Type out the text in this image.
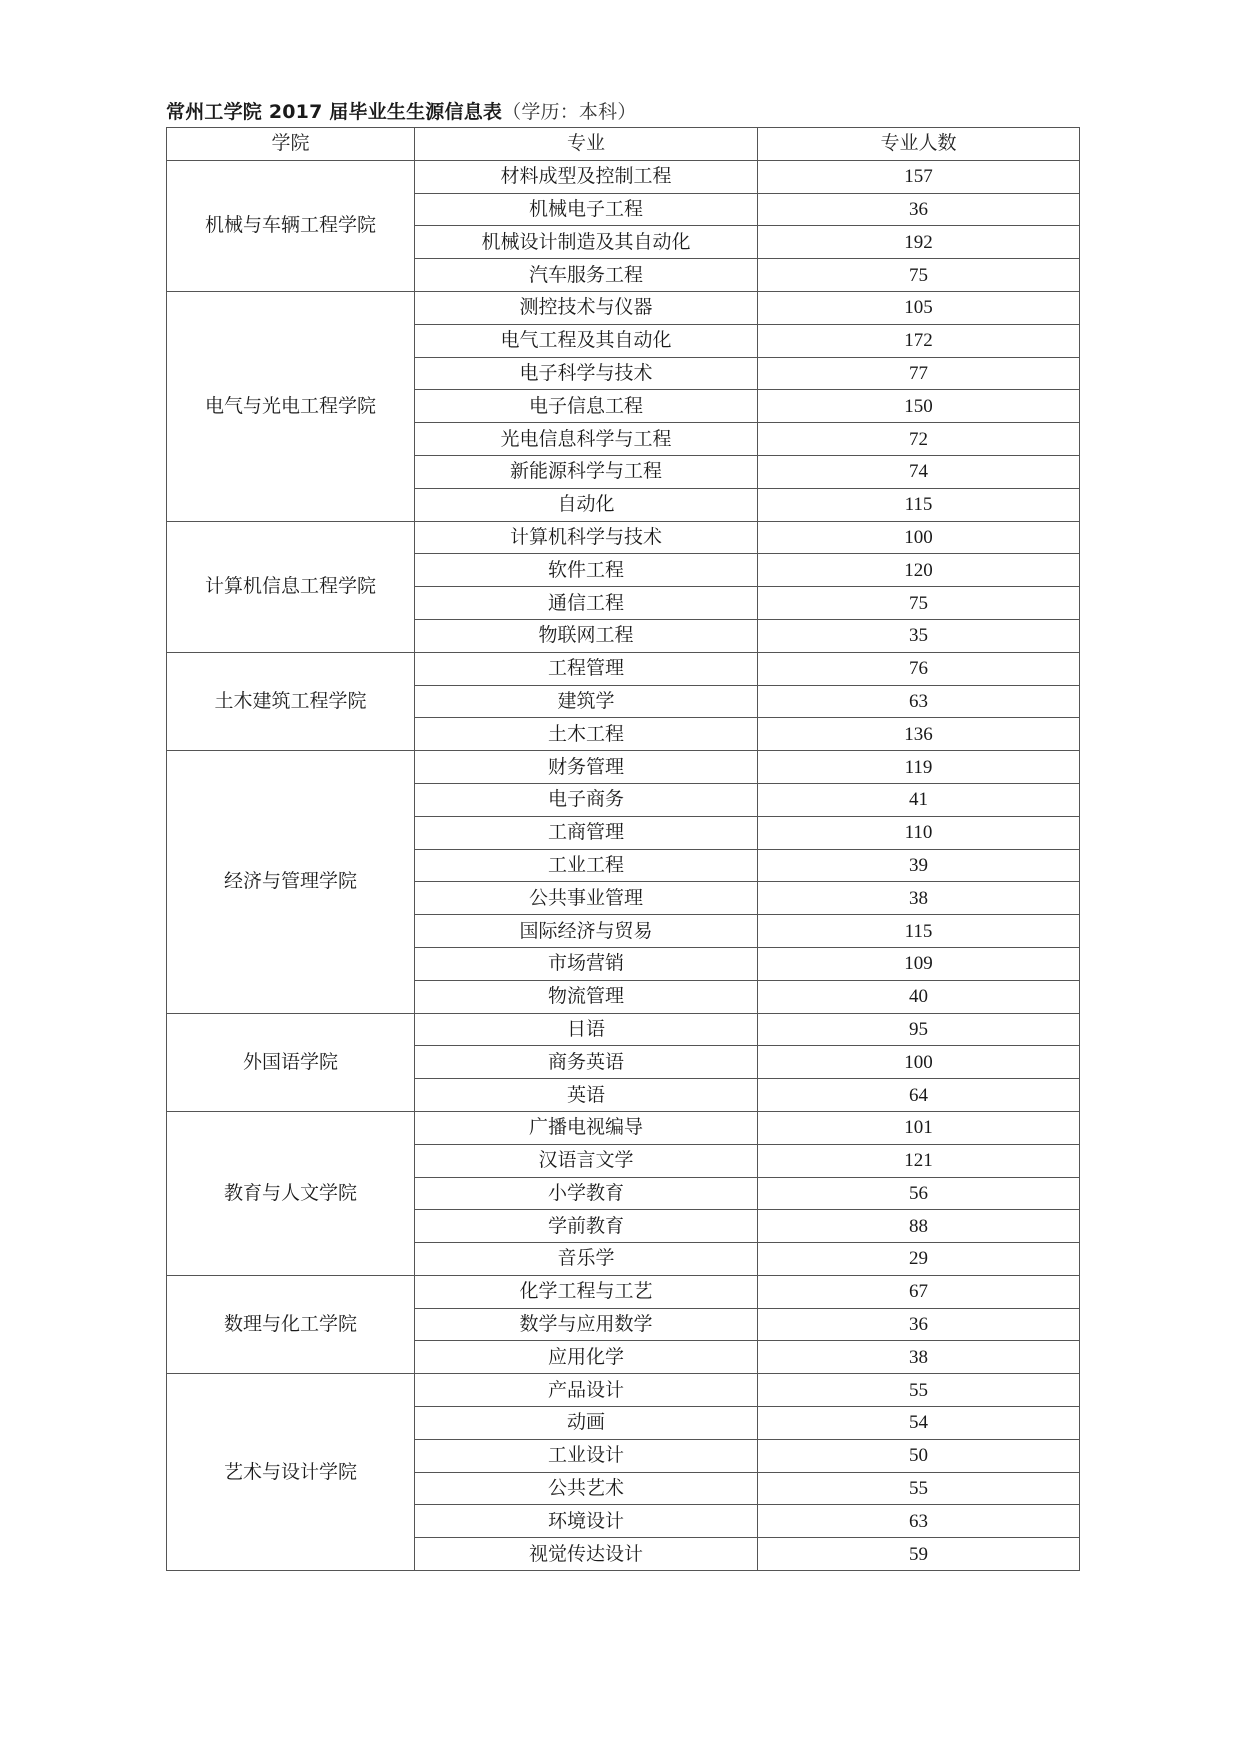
常州工学院 2017 届毕业生生源信息表（学历：本科）
学院	专业	专业人数
机械与车辆工程学院	材料成型及控制工程	157
	机械电子工程	36
	机械设计制造及其自动化	192
	汽车服务工程	75
电气与光电工程学院	测控技术与仪器	105
	电气工程及其自动化	172
	电子科学与技术	77
	电子信息工程	150
	光电信息科学与工程	72
	新能源科学与工程	74
	自动化	115
计算机信息工程学院	计算机科学与技术	100
	软件工程	120
	通信工程	75
	物联网工程	35
土木建筑工程学院	工程管理	76
	建筑学	63
	土木工程	136
经济与管理学院	财务管理	119
	电子商务	41
	工商管理	110
	工业工程	39
	公共事业管理	38
	国际经济与贸易	115
	市场营销	109
	物流管理	40
外国语学院	日语	95
	商务英语	100
	英语	64
教育与人文学院	广播电视编导	101
	汉语言文学	121
	小学教育	56
	学前教育	88
	音乐学	29
数理与化工学院	化学工程与工艺	67
	数学与应用数学	36
	应用化学	38
艺术与设计学院	产品设计	55
	动画	54
	工业设计	50
	公共艺术	55
	环境设计	63
	视觉传达设计	59
